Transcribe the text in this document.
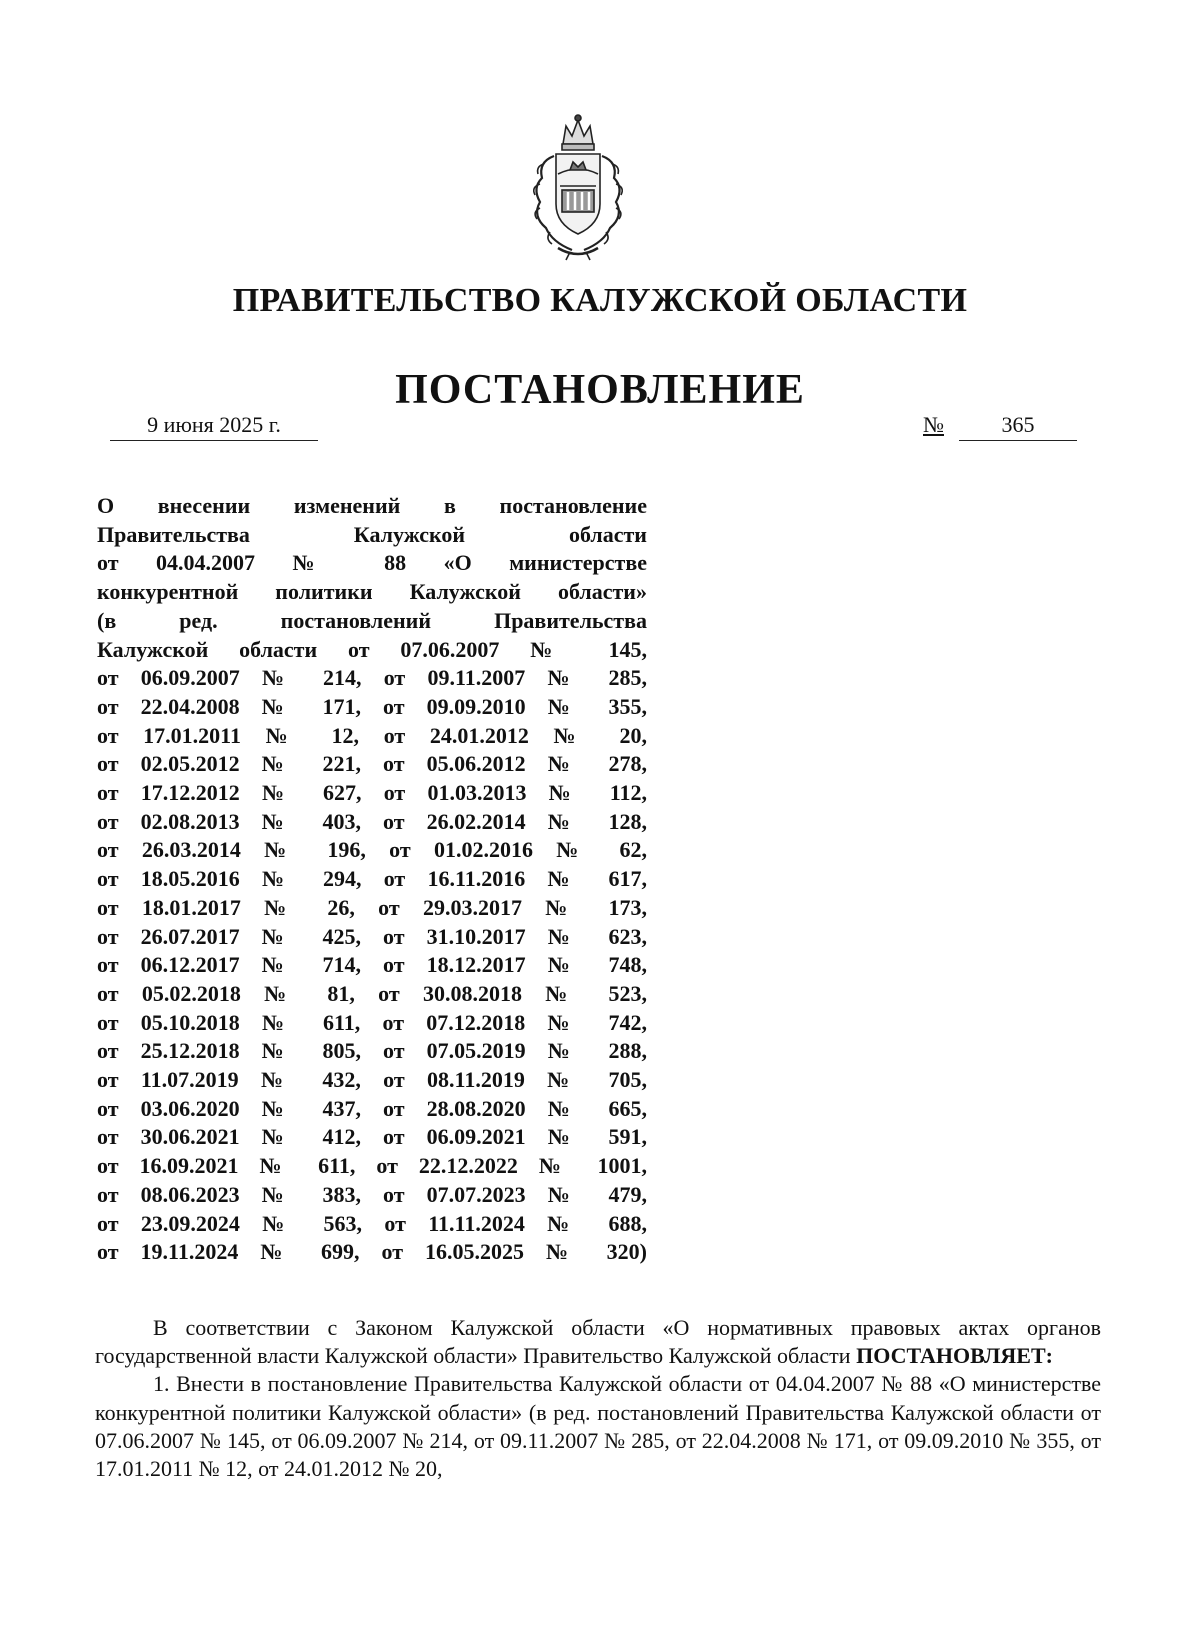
ПРАВИТЕЛЬСТВО КАЛУЖСКОЙ ОБЛАСТИ
ПОСТАНОВЛЕНИЕ
9 июня 2025 г.	№	365
О внесении изменений в постановление
Правительства Калужской области
от 04.04.2007 № 88 «О министерстве
конкурентной политики Калужской области»
(в ред. постановлений Правительства
Калужской области от 07.06.2007 № 145,
от 06.09.2007 № 214, от 09.11.2007 № 285,
от 22.04.2008 № 171, от 09.09.2010 № 355,
от 17.01.2011 № 12, от 24.01.2012 № 20,
от 02.05.2012 № 221, от 05.06.2012 № 278,
от 17.12.2012 № 627, от 01.03.2013 № 112,
от 02.08.2013 № 403, от 26.02.2014 № 128,
от 26.03.2014 № 196, от 01.02.2016 № 62,
от 18.05.2016 № 294, от 16.11.2016 № 617,
от 18.01.2017 № 26, от 29.03.2017 № 173,
от 26.07.2017 № 425, от 31.10.2017 № 623,
от 06.12.2017 № 714, от 18.12.2017 № 748,
от 05.02.2018 № 81, от 30.08.2018 № 523,
от 05.10.2018 № 611, от 07.12.2018 № 742,
от 25.12.2018 № 805, от 07.05.2019 № 288,
от 11.07.2019 № 432, от 08.11.2019 № 705,
от 03.06.2020 № 437, от 28.08.2020 № 665,
от 30.06.2021 № 412, от 06.09.2021 № 591,
от 16.09.2021 № 611, от 22.12.2022 № 1001,
от 08.06.2023 № 383, от 07.07.2023 № 479,
от 23.09.2024 № 563, от 11.11.2024 № 688,
от 19.11.2024 № 699, от 16.05.2025 № 320)

В соответствии с Законом Калужской области «О нормативных правовых актах органов государственной власти Калужской области» Правительство Калужской области ПОСТАНОВЛЯЕТ:

1. Внести в постановление Правительства Калужской области от 04.04.2007 № 88 «О министерстве конкурентной политики Калужской области» (в ред. постановлений Правительства Калужской области от 07.06.2007 № 145, от 06.09.2007 № 214, от 09.11.2007 № 285, от 22.04.2008 № 171, от 09.09.2010 № 355, от 17.01.2011 № 12, от 24.01.2012 № 20,
